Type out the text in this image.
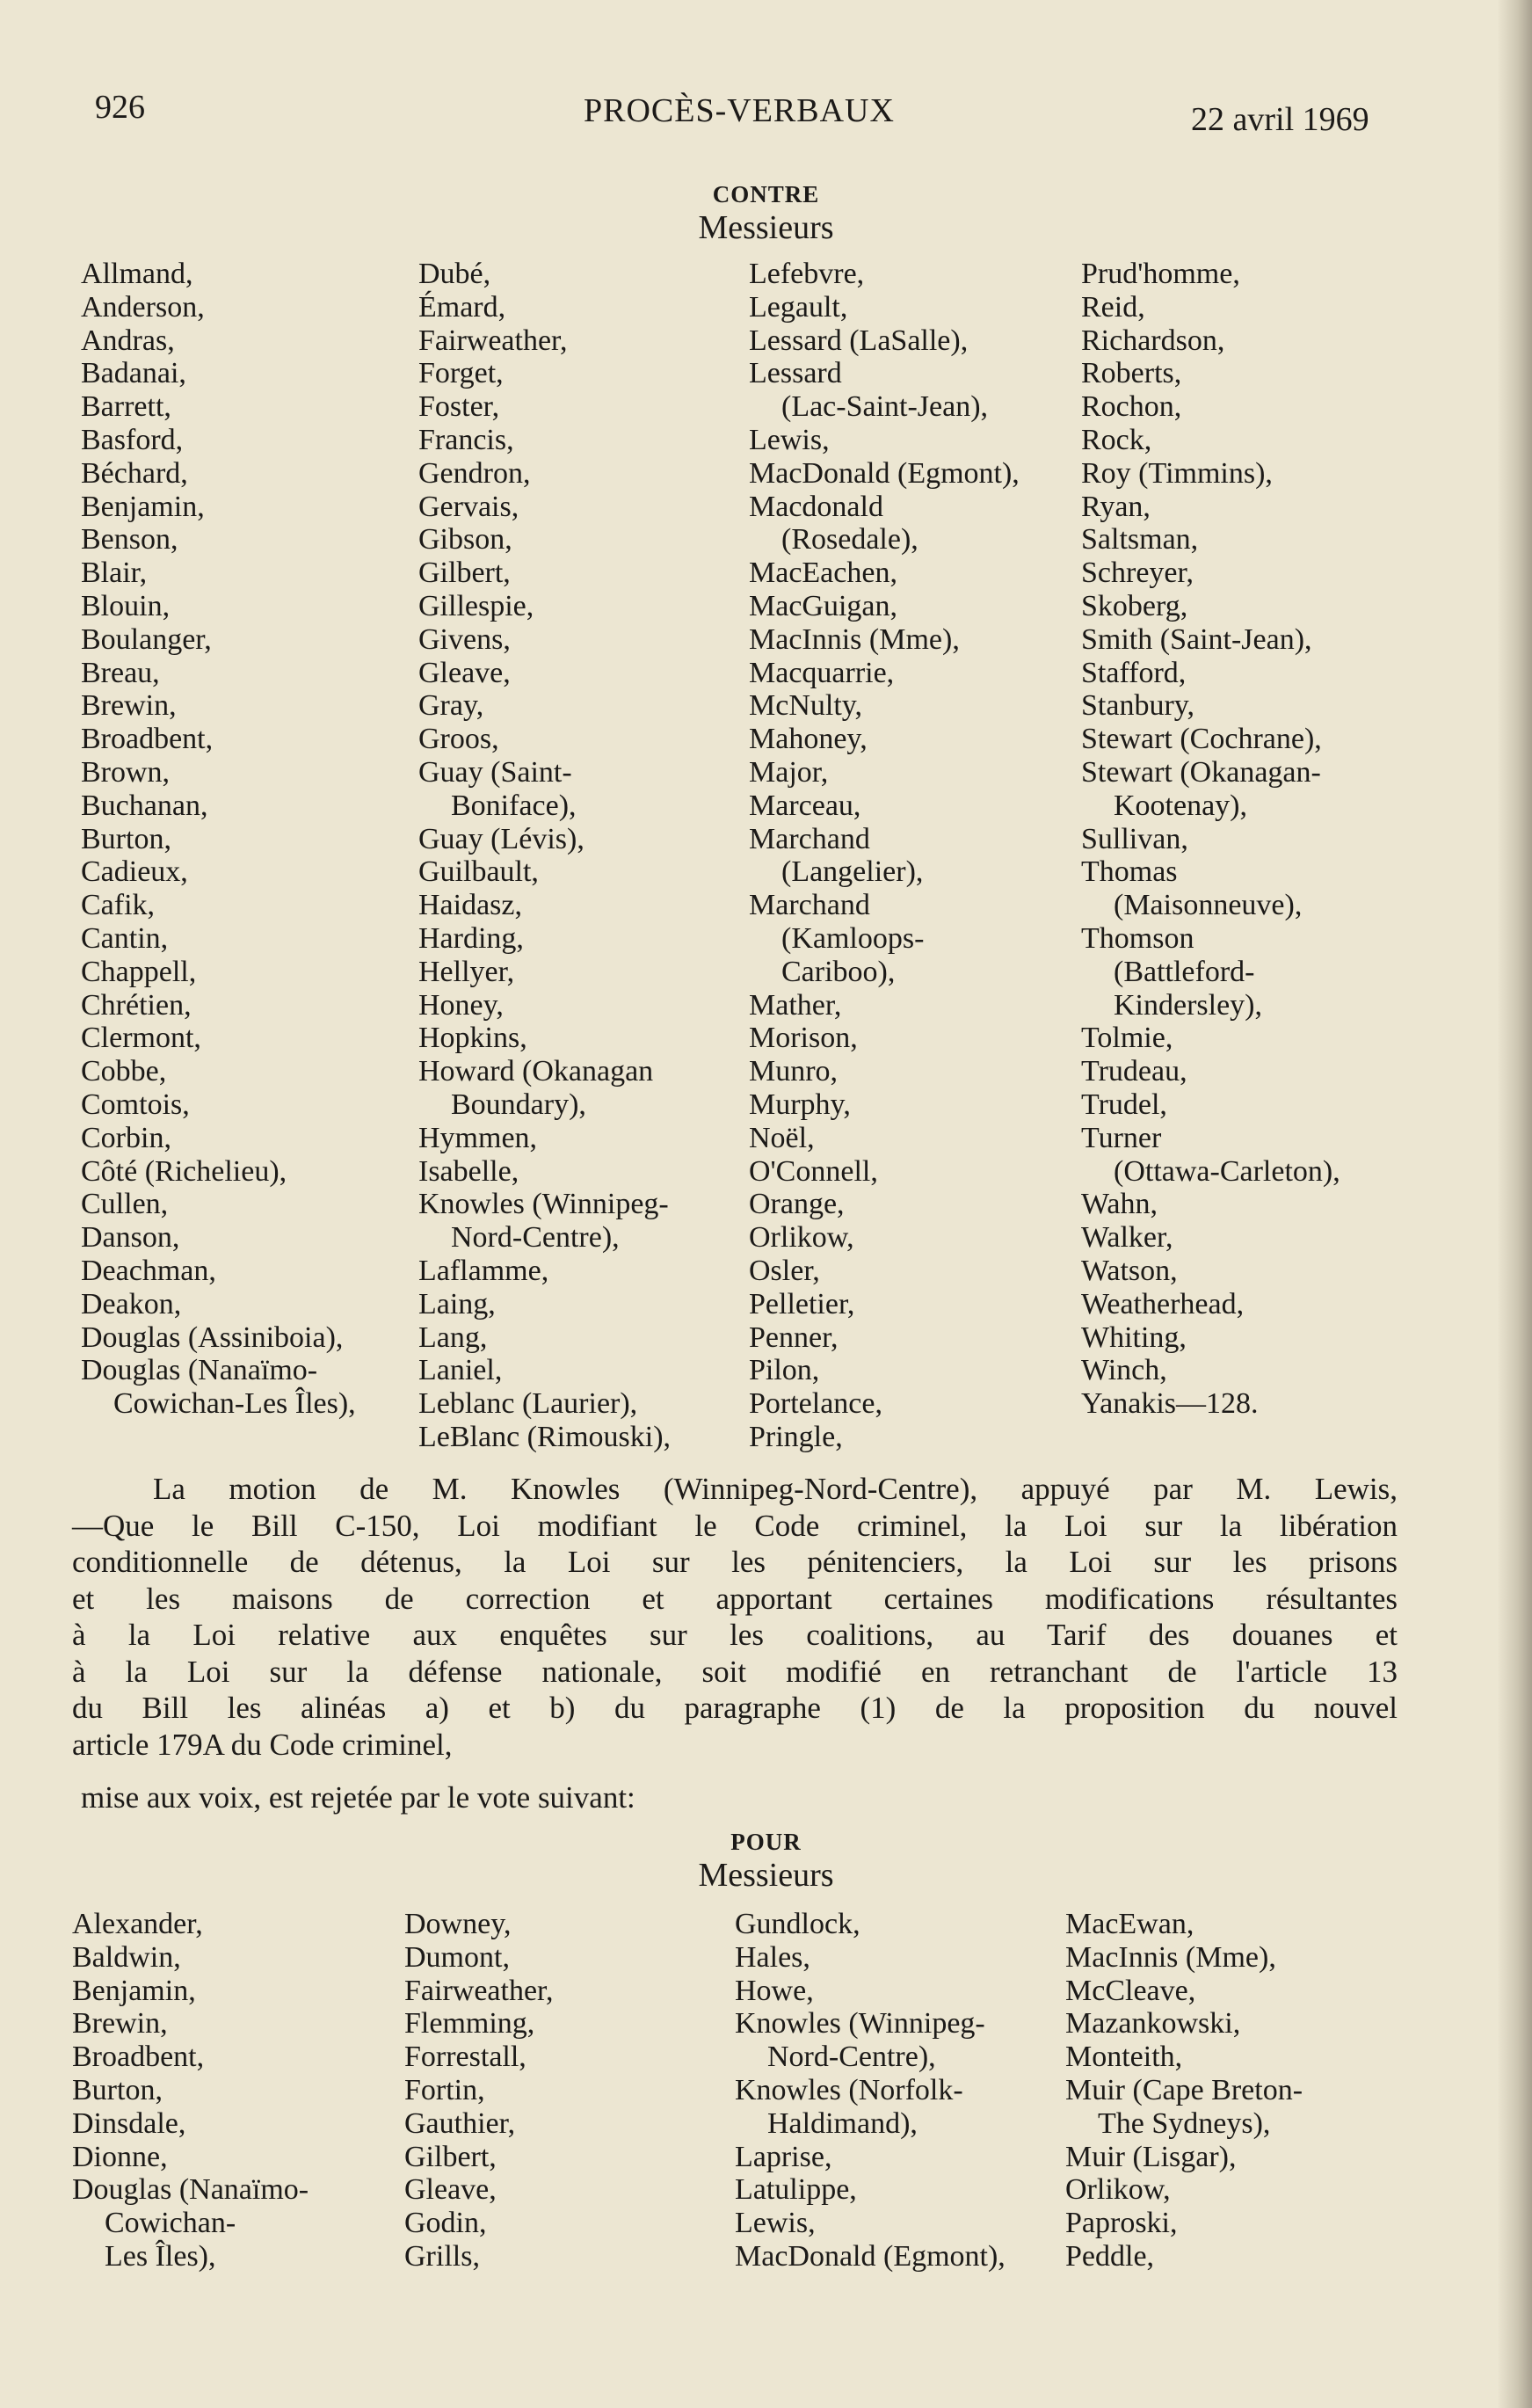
926	PROCÈS-VERBAUX	22 avril 1969
CONTRE
Messieurs
Allmand,
Anderson,
Andras,
Badanai,
Barrett,
Basford,
Béchard,
Benjamin,
Benson,
Blair,
Blouin,
Boulanger,
Breau,
Brewin,
Broadbent,
Brown,
Buchanan,
Burton,
Cadieux,
Cafik,
Cantin,
Chappell,
Chrétien,
Clermont,
Cobbe,
Comtois,
Corbin,
Côté (Richelieu),
Cullen,
Danson,
Deachman,
Deakon,
Douglas (Assiniboia),
Douglas (Nanaïmo-
Cowichan-Les Îles),
Dubé,
Émard,
Fairweather,
Forget,
Foster,
Francis,
Gendron,
Gervais,
Gibson,
Gilbert,
Gillespie,
Givens,
Gleave,
Gray,
Groos,
Guay (Saint-
Boniface),
Guay (Lévis),
Guilbault,
Haidasz,
Harding,
Hellyer,
Honey,
Hopkins,
Howard (Okanagan
Boundary),
Hymmen,
Isabelle,
Knowles (Winnipeg-
Nord-Centre),
Laflamme,
Laing,
Lang,
Laniel,
Leblanc (Laurier),
LeBlanc (Rimouski),
Lefebvre,
Legault,
Lessard (LaSalle),
Lessard
(Lac-Saint-Jean),
Lewis,
MacDonald (Egmont),
Macdonald
(Rosedale),
MacEachen,
MacGuigan,
MacInnis (Mme),
Macquarrie,
McNulty,
Mahoney,
Major,
Marceau,
Marchand
(Langelier),
Marchand
(Kamloops-
Cariboo),
Mather,
Morison,
Munro,
Murphy,
Noël,
O'Connell,
Orange,
Orlikow,
Osler,
Pelletier,
Penner,
Pilon,
Portelance,
Pringle,
Prud'homme,
Reid,
Richardson,
Roberts,
Rochon,
Rock,
Roy (Timmins),
Ryan,
Saltsman,
Schreyer,
Skoberg,
Smith (Saint-Jean),
Stafford,
Stanbury,
Stewart (Cochrane),
Stewart (Okanagan-
Kootenay),
Sullivan,
Thomas
(Maisonneuve),
Thomson
(Battleford-
Kindersley),
Tolmie,
Trudeau,
Trudel,
Turner
(Ottawa-Carleton),
Wahn,
Walker,
Watson,
Weatherhead,
Whiting,
Winch,
Yanakis—128.

La motion de M. Knowles (Winnipeg-Nord-Centre), appuyé par M. Lewis,
—Que le Bill C-150, Loi modifiant le Code criminel, la Loi sur la libération
conditionnelle de détenus, la Loi sur les pénitenciers, la Loi sur les prisons
et les maisons de correction et apportant certaines modifications résultantes
à la Loi relative aux enquêtes sur les coalitions, au Tarif des douanes et
à la Loi sur la défense nationale, soit modifié en retranchant de l'article 13
du Bill les alinéas a) et b) du paragraphe (1) de la proposition du nouvel
article 179A du Code criminel,

mise aux voix, est rejetée par le vote suivant:
POUR
Messieurs
Alexander,
Baldwin,
Benjamin,
Brewin,
Broadbent,
Burton,
Dinsdale,
Dionne,
Douglas (Nanaïmo-
Cowichan-
Les Îles),
Downey,
Dumont,
Fairweather,
Flemming,
Forrestall,
Fortin,
Gauthier,
Gilbert,
Gleave,
Godin,
Grills,
Gundlock,
Hales,
Howe,
Knowles (Winnipeg-
Nord-Centre),
Knowles (Norfolk-
Haldimand),
Laprise,
Latulippe,
Lewis,
MacDonald (Egmont),
MacEwan,
MacInnis (Mme),
McCleave,
Mazankowski,
Monteith,
Muir (Cape Breton-
The Sydneys),
Muir (Lisgar),
Orlikow,
Paproski,
Peddle,
